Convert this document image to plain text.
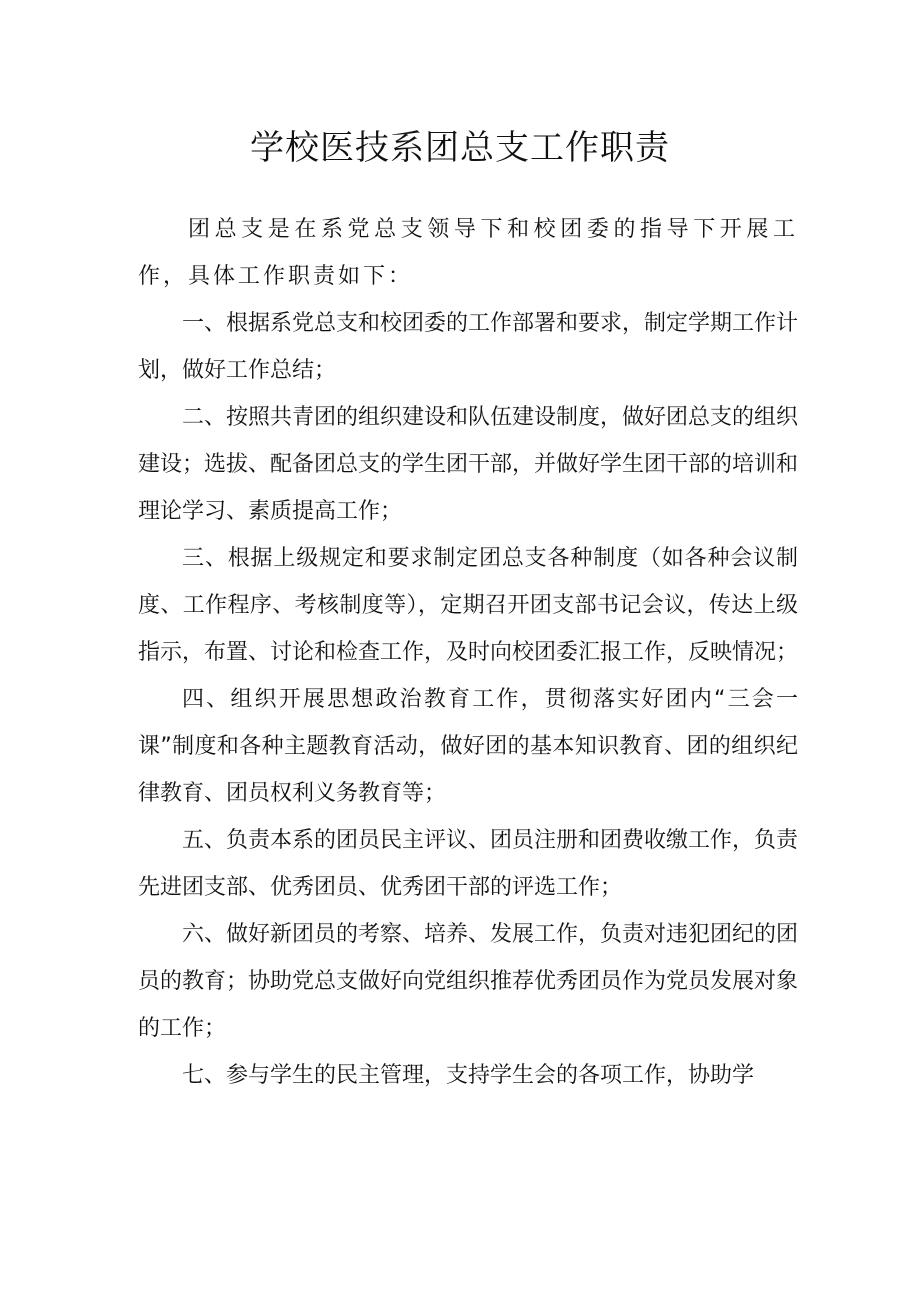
学校医技系团总支工作职责

团总支是在系党总支领导下和校团委的指导下开展工作，具体工作职责如下：

一、根据系党总支和校团委的工作部署和要求，制定学期工作计划，做好工作总结；

二、按照共青团的组织建设和队伍建设制度，做好团总支的组织建设；选拔、配备团总支的学生团干部，并做好学生团干部的培训和理论学习、素质提高工作；

三、根据上级规定和要求制定团总支各种制度（如各种会议制度、工作程序、考核制度等），定期召开团支部书记会议，传达上级指示，布置、讨论和检查工作，及时向校团委汇报工作，反映情况；

四、组织开展思想政治教育工作，贯彻落实好团内“三会一课”制度和各种主题教育活动，做好团的基本知识教育、团的组织纪律教育、团员权利义务教育等；

五、负责本系的团员民主评议、团员注册和团费收缴工作，负责先进团支部、优秀团员、优秀团干部的评选工作；

六、做好新团员的考察、培养、发展工作，负责对违犯团纪的团员的教育；协助党总支做好向党组织推荐优秀团员作为党员发展对象的工作；

七、参与学生的民主管理，支持学生会的各项工作，协助学
